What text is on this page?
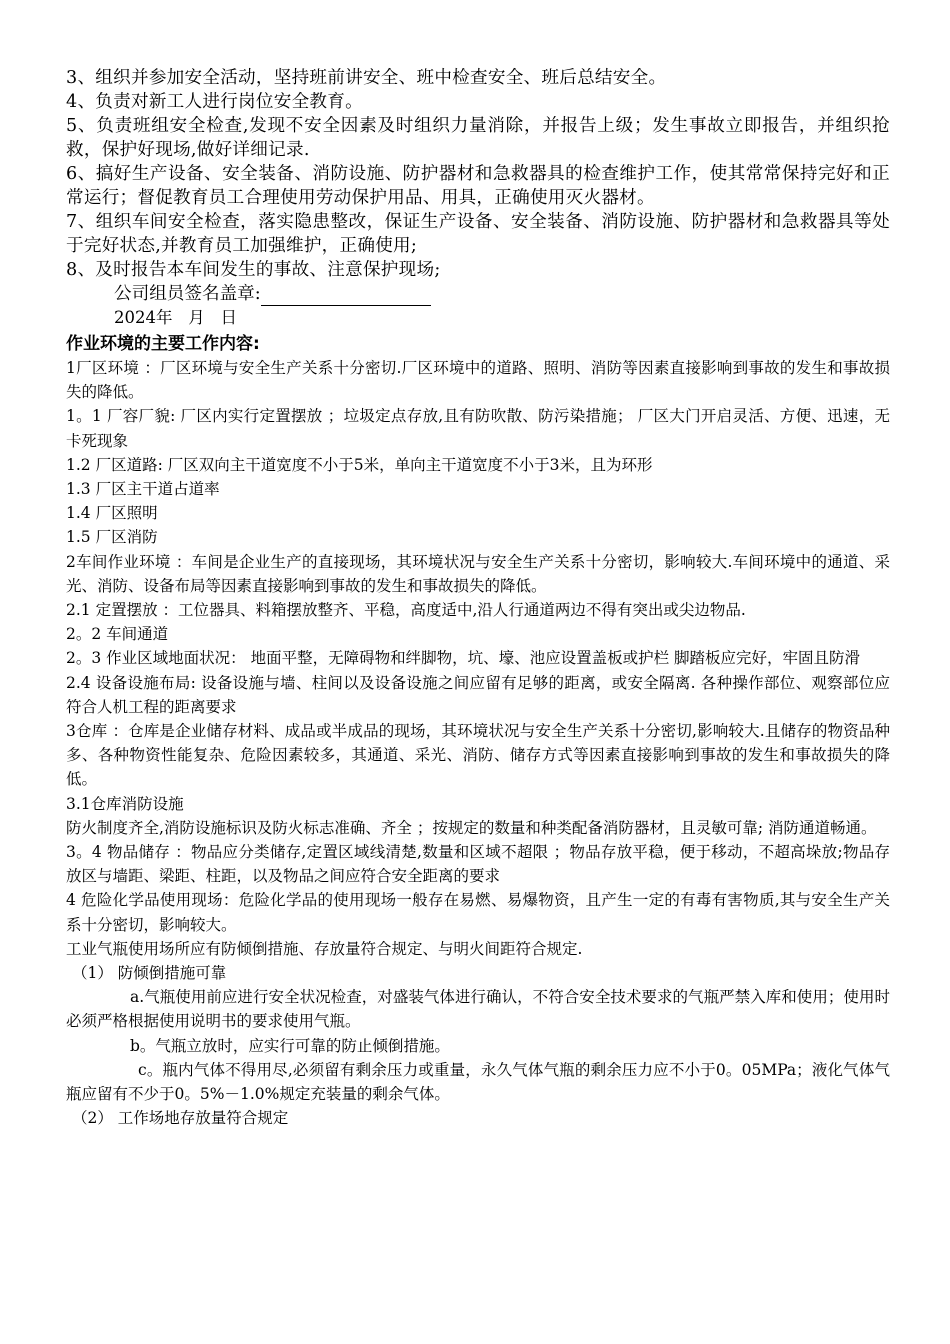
3、组织并参加安全活动，坚持班前讲安全、班中检查安全、班后总结安全。

4、负责对新工人进行岗位安全教育。

5、负责班组安全检查,发现不安全因素及时组织力量消除，并报告上级；发生事故立即报告，并组织抢救，保护好现场,做好详细记录.

6、搞好生产设备、安全装备、消防设施、防护器材和急救器具的检查维护工作，使其常常保持完好和正常运行；督促教育员工合理使用劳动保护用品、用具，正确使用灭火器材。

7、组织车间安全检查，落实隐患整改，保证生产设备、安全装备、消防设施、防护器材和急救器具等处于完好状态,并教育员工加强维护，正确使用;

8、及时报告本车间发生的事故、注意保护现场;

公司组员签名盖章:

2024年   月   日

作业环境的主要工作内容:

1厂区环境 ：厂区环境与安全生产关系十分密切.厂区环境中的道路、照明、消防等因素直接影响到事故的发生和事故损失的降低。

1。1 厂容厂貌: 厂区内实行定置摆放 ；垃圾定点存放,且有防吹散、防污染措施； 厂区大门开启灵活、方便、迅速，无卡死现象

1.2 厂区道路: 厂区双向主干道宽度不小于5米，单向主干道宽度不小于3米，且为环形

1.3 厂区主干道占道率

1.4 厂区照明

1.5 厂区消防

2车间作业环境 ：车间是企业生产的直接现场，其环境状况与安全生产关系十分密切，影响较大.车间环境中的通道、采光、消防、设备布局等因素直接影响到事故的发生和事故损失的降低。

2.1 定置摆放 ：工位器具、料箱摆放整齐、平稳，高度适中,沿人行通道两边不得有突出或尖边物品.

2。2 车间通道

2。3 作业区域地面状况： 地面平整，无障碍物和绊脚物，坑、壕、池应设置盖板或护栏 脚踏板应完好，牢固且防滑

2.4 设备设施布局: 设备设施与墙、柱间以及设备设施之间应留有足够的距离，或安全隔离. 各种操作部位、观察部位应符合人机工程的距离要求

3仓库 ：仓库是企业储存材料、成品或半成品的现场，其环境状况与安全生产关系十分密切,影响较大.且储存的物资品种多、各种物资性能复杂、危险因素较多，其通道、采光、消防、储存方式等因素直接影响到事故的发生和事故损失的降低。

3.1仓库消防设施

防火制度齐全,消防设施标识及防火标志准确、齐全 ；按规定的数量和种类配备消防器材，且灵敏可靠; 消防通道畅通。

3。4 物品储存 ：物品应分类储存,定置区域线清楚,数量和区域不超限 ；物品存放平稳，便于移动，不超高垛放;物品存放区与墙距、梁距、柱距，以及物品之间应符合安全距离的要求

4 危险化学品使用现场：危险化学品的使用现场一般存在易燃、易爆物资，且产生一定的有毒有害物质,其与安全生产关系十分密切，影响较大。

工业气瓶使用场所应有防倾倒措施、存放量符合规定、与明火间距符合规定.

（1） 防倾倒措施可靠

a.气瓶使用前应进行安全状况检查，对盛装气体进行确认，不符合安全技术要求的气瓶严禁入库和使用；使用时必须严格根据使用说明书的要求使用气瓶。

b。气瓶立放时，应实行可靠的防止倾倒措施。

c。瓶内气体不得用尽,必须留有剩余压力或重量，永久气体气瓶的剩余压力应不小于0。05MPa；液化气体气瓶应留有不少于0。5%－1.0%规定充装量的剩余气体。

（2） 工作场地存放量符合规定
